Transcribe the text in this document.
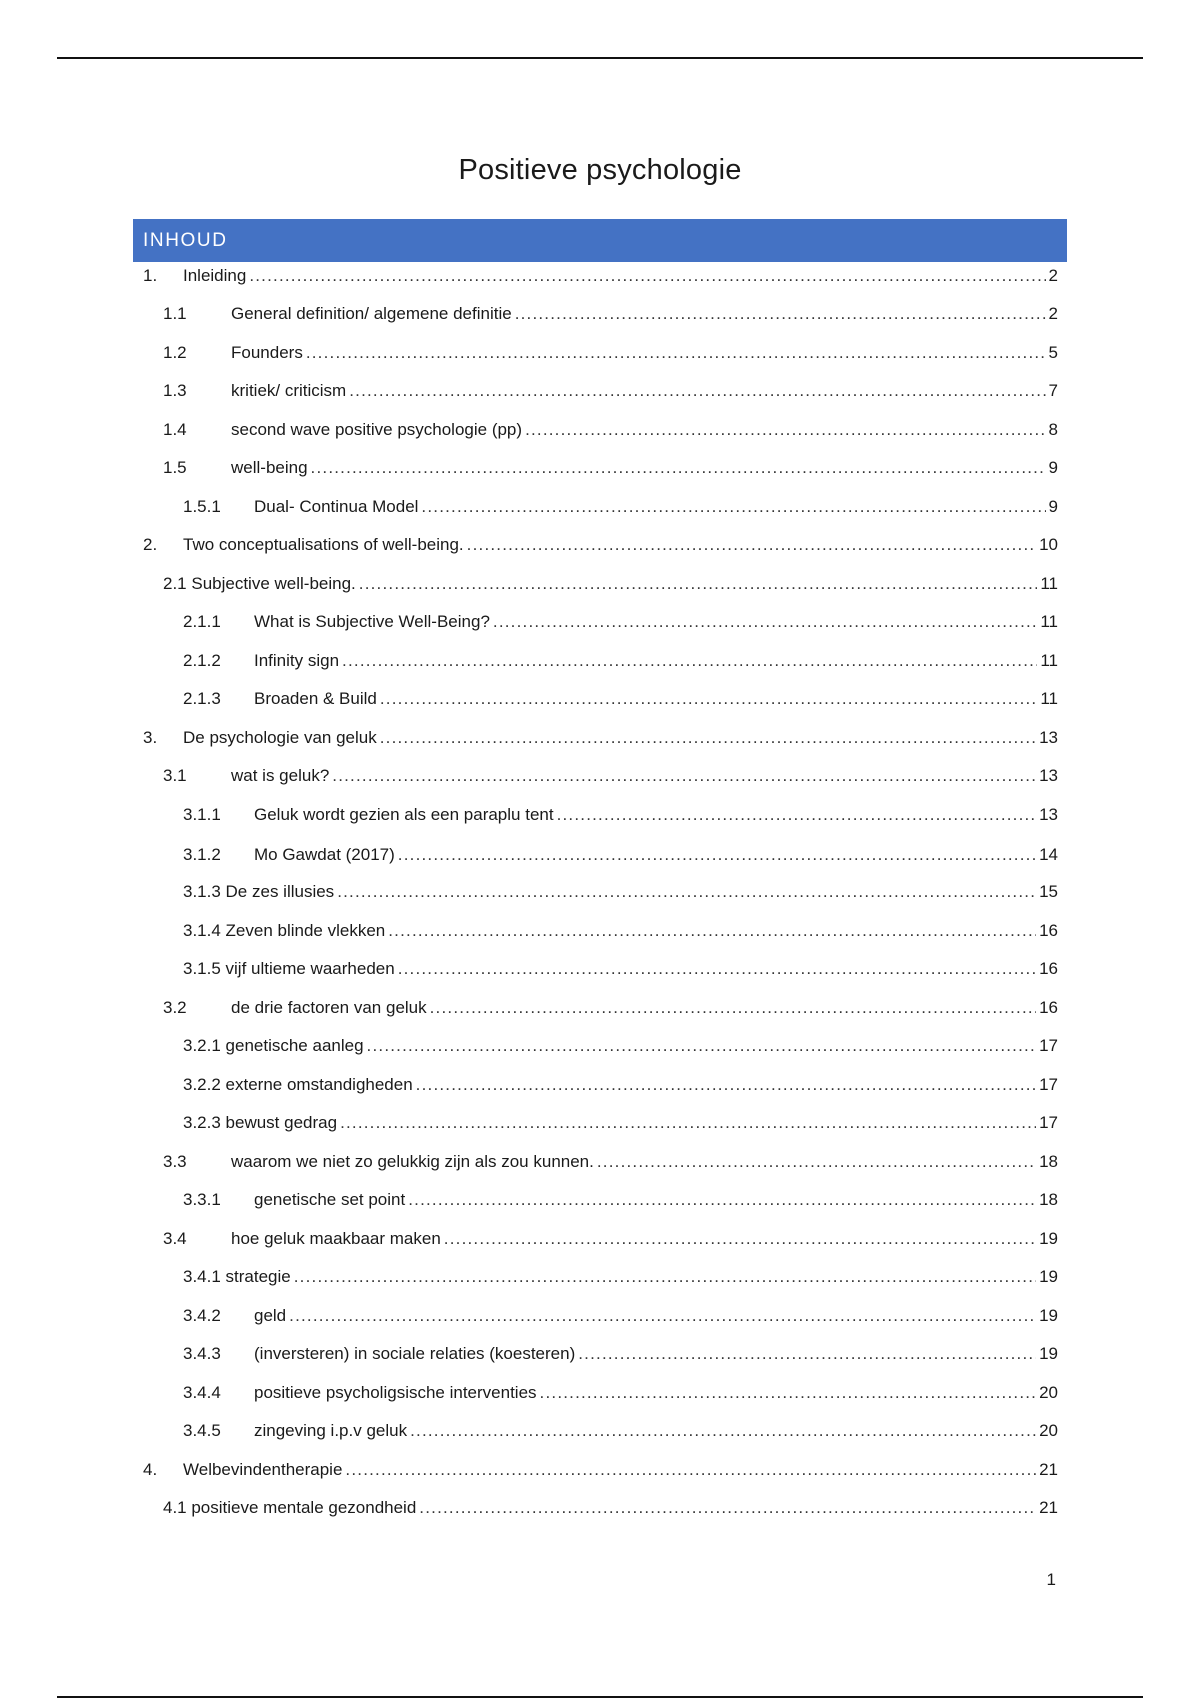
Positieve psychologie
INHOUD
1.	Inleiding .....	2
1.1	General definition/ algemene definitie .....	2
1.2	Founders .....	5
1.3	kritiek/ criticism .....	7
1.4	second wave positive psychologie (pp) .....	8
1.5	well-being .....	9
1.5.1	Dual- Continua Model .....	9
2.	Two conceptualisations of well-being. .....	10
2.1 Subjective well-being. .....	11
2.1.1	What is Subjective Well-Being? .....	11
2.1.2	Infinity sign .....	11
2.1.3	Broaden & Build .....	11
3.	De psychologie van geluk .....	13
3.1	wat is geluk? .....	13
3.1.1	Geluk wordt gezien als een paraplu tent .....	13
3.1.2	Mo Gawdat (2017) .....	14
3.1.3 De zes illusies .....	15
3.1.4 Zeven blinde vlekken .....	16
3.1.5 vijf ultieme waarheden .....	16
3.2	de drie factoren van geluk .....	16
3.2.1 genetische aanleg .....	17
3.2.2 externe omstandigheden .....	17
3.2.3 bewust gedrag .....	17
3.3	waarom we niet zo gelukkig zijn als zou kunnen. .....	18
3.3.1	genetische set point .....	18
3.4	hoe geluk maakbaar maken .....	19
3.4.1 strategie .....	19
3.4.2	geld .....	19
3.4.3	(inversteren) in sociale relaties (koesteren) .....	19
3.4.4	positieve psycholigsische interventies .....	20
3.4.5	zingeving i.p.v geluk .....	20
4.	Welbevindentherapie .....	21
4.1 positieve mentale gezondheid .....	21
1
